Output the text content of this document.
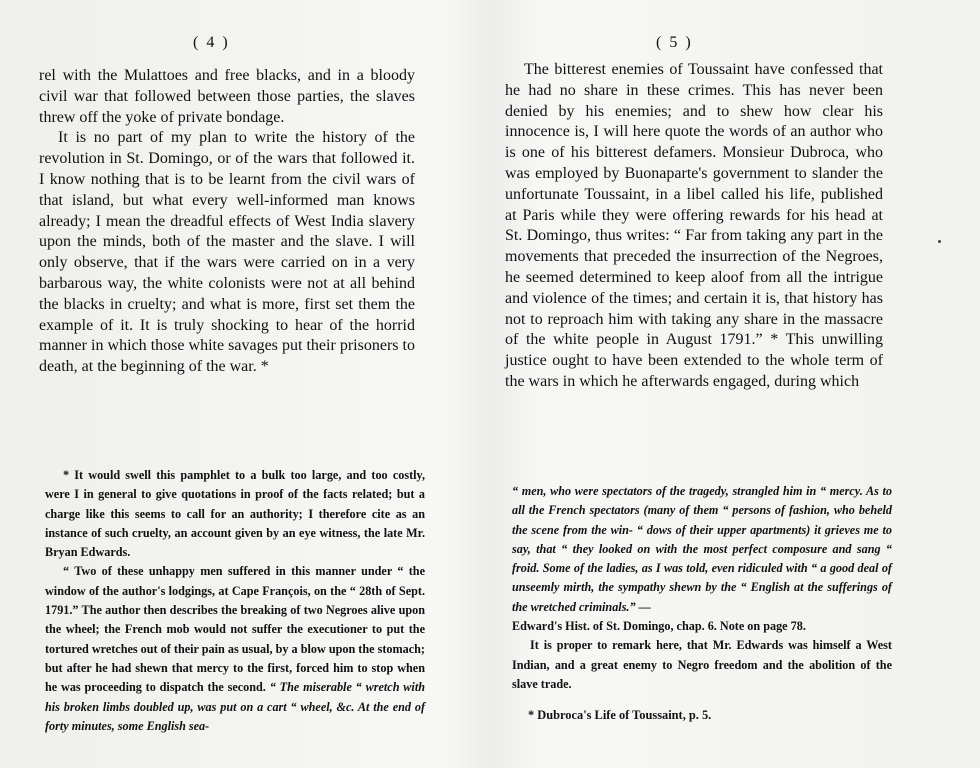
( 4 )

rel with the Mulattoes and free blacks, and in a bloody civil war that followed between those parties, the slaves threw off the yoke of private bondage.

It is no part of my plan to write the history of the revolution in St. Domingo, or of the wars that followed it. I know nothing that is to be learnt from the civil wars of that island, but what every well-informed man knows already; I mean the dreadful effects of West India slavery upon the minds, both of the master and the slave. I will only observe, that if the wars were carried on in a very barbarous way, the white colonists were not at all behind the blacks in cruelty; and what is more, first set them the example of it. It is truly shocking to hear of the horrid manner in which those white savages put their prisoners to death, at the beginning of the war. *

* It would swell this pamphlet to a bulk too large, and too costly, were I in general to give quotations in proof of the facts related; but a charge like this seems to call for an authority; I therefore cite as an instance of such cruelty, an account given by an eye witness, the late Mr. Bryan Edwards.

“ Two of these unhappy men suffered in this manner under “ the window of the author's lodgings, at Cape François, on the “ 28th of Sept. 1791.” The author then describes the breaking of two Negroes alive upon the wheel; the French mob would not suffer the executioner to put the tortured wretches out of their pain as usual, by a blow upon the stomach; but after he had shewn that mercy to the first, forced him to stop when he was proceeding to dispatch the second. “ The miserable “ wretch with his broken limbs doubled up, was put on a cart “ wheel, &c. At the end of forty minutes, some English sea-

( 5 )

The bitterest enemies of Toussaint have confessed that he had no share in these crimes. This has never been denied by his enemies; and to shew how clear his innocence is, I will here quote the words of an author who is one of his bitterest defamers. Monsieur Dubroca, who was employed by Buonaparte's government to slander the unfortunate Toussaint, in a libel called his life, published at Paris while they were offering rewards for his head at St. Domingo, thus writes: “ Far from taking any part in the movements that preceded the insurrection of the Negroes, he seemed determined to keep aloof from all the intrigue and violence of the times; and certain it is, that history has not to reproach him with taking any share in the massacre of the white people in August 1791.” * This unwilling justice ought to have been extended to the whole term of the wars in which he afterwards engaged, during which

“ men, who were spectators of the tragedy, strangled him in “ mercy. As to all the French spectators (many of them “ persons of fashion, who beheld the scene from the win- “ dows of their upper apartments) it grieves me to say, that “ they looked on with the most perfect composure and sang “ froid. Some of the ladies, as I was told, even ridiculed with “ a good deal of unseemly mirth, the sympathy shewn by the “ English at the sufferings of the wretched criminals.” —

Edward's Hist. of St. Domingo, chap. 6. Note on page 78.

It is proper to remark here, that Mr. Edwards was himself a West Indian, and a great enemy to Negro freedom and the abolition of the slave trade.

* Dubroca's Life of Toussaint, p. 5.
